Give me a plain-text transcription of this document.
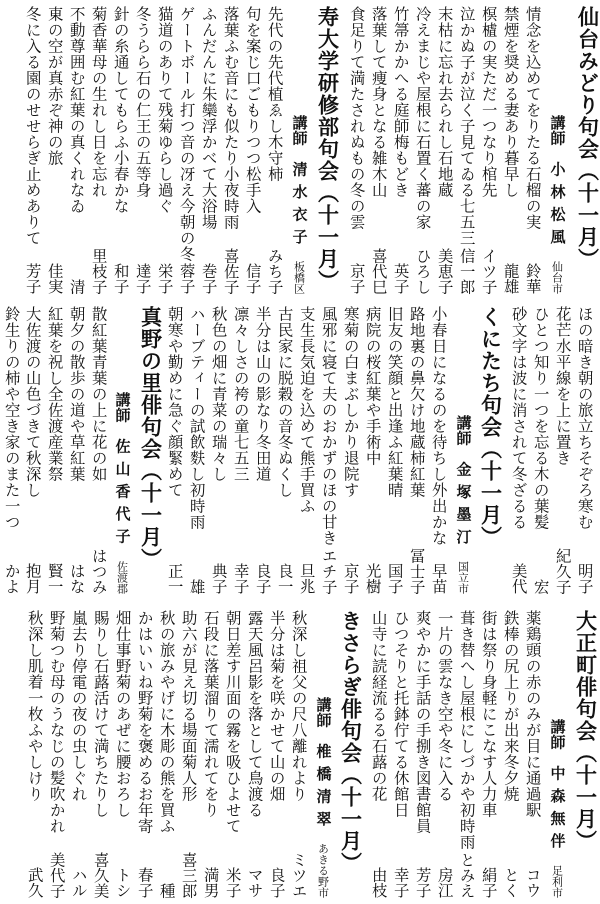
仙台みどり句会（十一月）
講師　小林松風
仙台市
情念を込めてをりたる石榴の実
鈴華
禁煙を奨める妻あり暮早し
龍雄
榠樝の実ただ一つなり棺先
イツ子
泣かぬ子が泣く子見てゐる七五三
信一郎
末枯に忘れ去られし石地蔵
美恵子
冷えまじや屋根に石置く蕃の家
ひろし
竹箒かかへる庭師梅もどき
英子
落葉して痩身となる雑木山
喜代巳
食足りて満たされぬもの冬の雲
京子
寿大学研修部句会（十一月）
講師　清水衣子
板橋区
先代の先代植ゑし木守柿
みち子
句を案じ口ごもりつつ松手入
信子
落葉ふむ音にも似たり小夜時雨
喜佐子
ふんだんに朱欒浮かべて大浴場
巻子
ゲートボール打つ音の冴え今朝の冬
蓉子
猫道のありて残菊ゆらし過ぐ
栄子
冬うらら石の仁王の五等身
達子
針の糸通してもらふ小春かな
和子
菊香華母の生れし日を忘れ
里枝子
不動尊囲む紅葉の真くれなゐ
清
東の空が真赤ぞ神の旅
佳実
冬に入る園のせせらぎ止めありて
芳子
ほの暗き朝の旅立ちそぞろ寒む
明子
花芒水平線を上に置き
紀久子
ひとつ知り一つを忘る木の葉髪
宏
砂文字は波に消されて冬ざるる
美代
くにたち句会（十一月）
講師　金塚墨汀
国立市
小春日になるのを待ちし外出かな
早苗
路地裏の鼻欠け地蔵柿紅葉
冨士子
旧友の笑顔と出逢ふ紅葉晴
国子
病院の桜紅葉や手術中
光樹
寒菊の白まぶしかり退院す
京子
風邪に寝て夫のおかずのほの甘き
エチ子
支生長気迫を込めて熊手買ふ
旦兆
古民家に脱穀の音冬ぬくし
良一
半分は山の影なり冬田道
良子
凛々しさの袴の童七五三
幸子
秋色の畑に青菜の瑞々し
典子
ハーブティーの試飲麩し初時雨
雄
朝寒や勤めに急ぐ顔緊めて
正一
真野の里俳句会（十一月）
講師　佐山香代子
佐渡郡
散紅葉青葉の上に花の如
はつみ
朝夕の散歩の道や草紅葉
はな
紅葉を祝し全佐渡産業祭
賢一
大佐渡の山色づきて秋深し
抱月
鈴生りの柿や空き家のまた一つ
かよ
大正町俳句会（十一月）
講師　中森無伴
足利市
薬鶏頭の赤のみが目に通過駅
コウ
鉄棒の尻上りが出来冬夕焼
とく
街は祭り身軽にこなす人力車
絹子
葺き替へし屋根にしづかや初時雨
とみえ
一片の雲なき空や冬に入る
房江
爽やかに手話の手捌き図書館員
芳子
ひつそりと托鉢佇てる休館日
幸子
山寺に読経流るる石蕗の花
由枝
きさらぎ俳句会（十一月）
講師　椎橋清翠
あきる野市
秋深し祖父の尺八離れより
ミツエ
半分は菊を咲かせて山の畑
良子
露天風呂影を落として鳥渡る
マサ
朝日差す川面の霧を吸ひよせて
米子
石段に落葉溜りて濡れてをり
満男
助六が見え切る場面菊人形
喜三郎
秋の旅みやげに木彫の熊を買ふ
種
かはいいね野菊を褒めるお年寄
春子
畑仕事野菊のあぜに腰おろし
トシ
賜りし石蕗活けて満ちたりし
喜久美
嵐去り停電の夜の虫しぐれ
ハル
野菊つむ母のうなじの髪吹かれ
美代子
秋深し肌着一枚ふやしけり
武久
